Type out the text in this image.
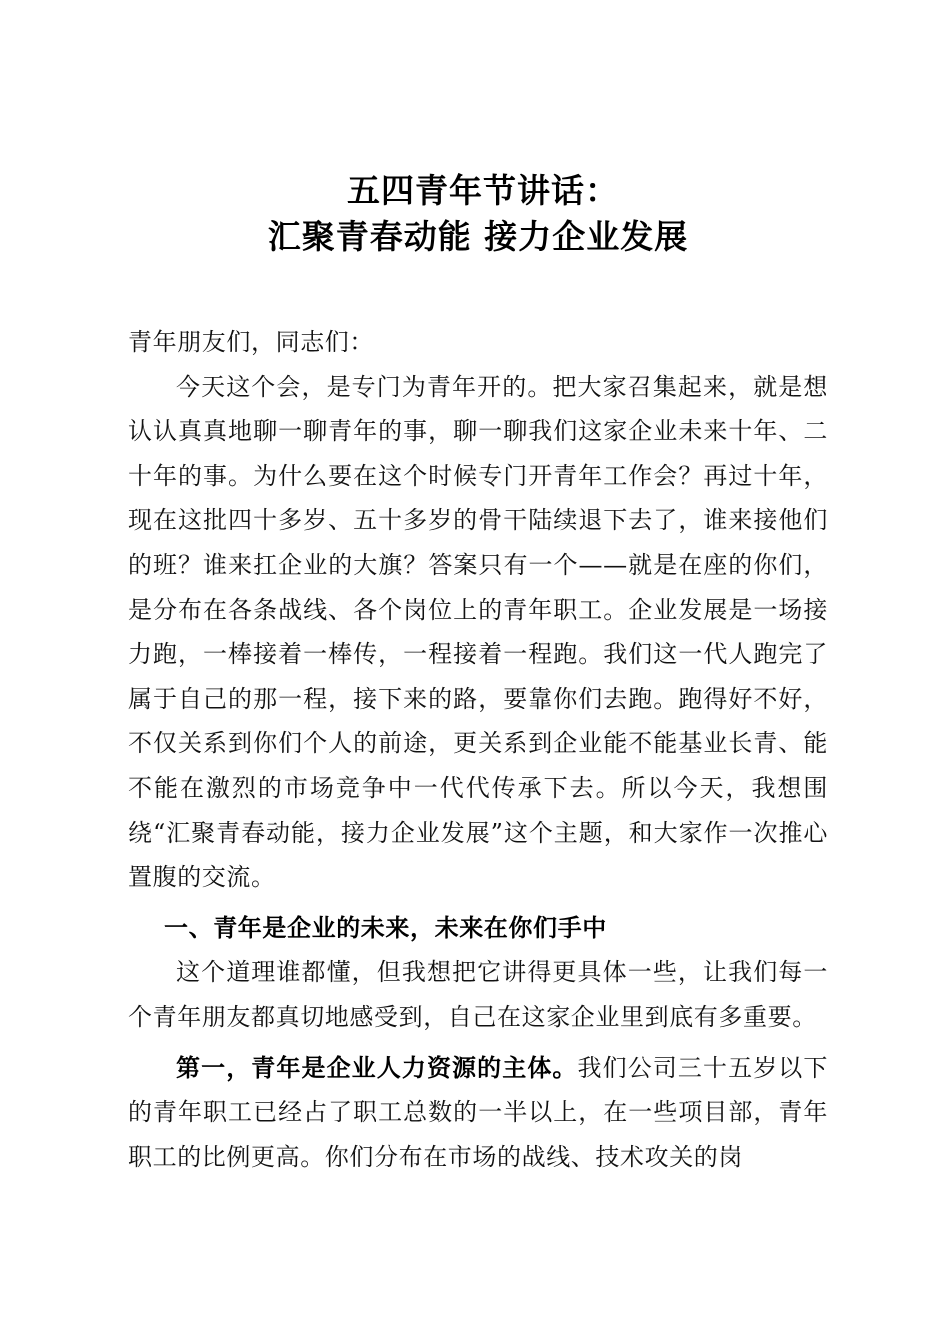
五四青年节讲话：
汇聚青春动能 接力企业发展

青年朋友们，同志们：

今天这个会，是专门为青年开的。把大家召集起来，就是想认认真真地聊一聊青年的事，聊一聊我们这家企业未来十年、二十年的事。为什么要在这个时候专门开青年工作会？再过十年，现在这批四十多岁、五十多岁的骨干陆续退下去了，谁来接他们的班？谁来扛企业的大旗？答案只有一个——就是在座的你们，是分布在各条战线、各个岗位上的青年职工。企业发展是一场接力跑，一棒接着一棒传，一程接着一程跑。我们这一代人跑完了属于自己的那一程，接下来的路，要靠你们去跑。跑得好不好，不仅关系到你们个人的前途，更关系到企业能不能基业长青、能不能在激烈的市场竞争中一代代传承下去。所以今天，我想围绕“汇聚青春动能，接力企业发展”这个主题，和大家作一次推心置腹的交流。

一、青年是企业的未来，未来在你们手中

这个道理谁都懂，但我想把它讲得更具体一些，让我们每一个青年朋友都真切地感受到，自己在这家企业里到底有多重要。

第一，青年是企业人力资源的主体。我们公司三十五岁以下的青年职工已经占了职工总数的一半以上，在一些项目部，青年职工的比例更高。你们分布在市场的战线、技术攻关的岗
